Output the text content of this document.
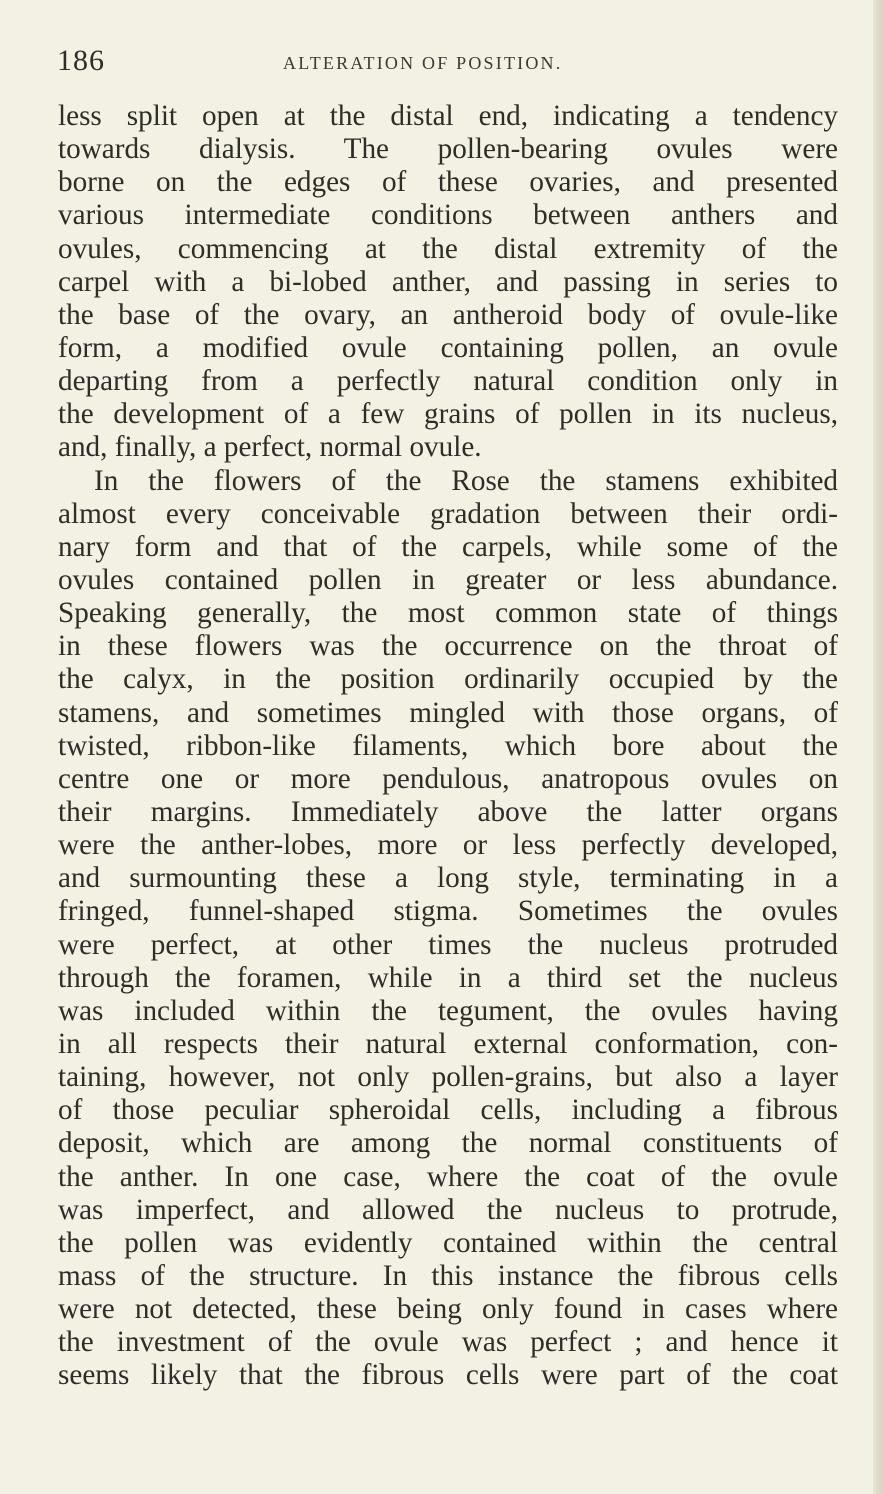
186	ALTERATION OF POSITION.
less split open at the distal end, indicating a tendency
towards dialysis. The pollen-bearing ovules were
borne on the edges of these ovaries, and presented
various intermediate conditions between anthers and
ovules, commencing at the distal extremity of the
carpel with a bi-lobed anther, and passing in series to
the base of the ovary, an antheroid body of ovule-like
form, a modified ovule containing pollen, an ovule
departing from a perfectly natural condition only in
the development of a few grains of pollen in its nucleus,
and, finally, a perfect, normal ovule.
In the flowers of the Rose the stamens exhibited
almost every conceivable gradation between their ordi-
nary form and that of the carpels, while some of the
ovules contained pollen in greater or less abundance.
Speaking generally, the most common state of things
in these flowers was the occurrence on the throat of
the calyx, in the position ordinarily occupied by the
stamens, and sometimes mingled with those organs, of
twisted, ribbon-like filaments, which bore about the
centre one or more pendulous, anatropous ovules on
their margins. Immediately above the latter organs
were the anther-lobes, more or less perfectly developed,
and surmounting these a long style, terminating in a
fringed, funnel-shaped stigma. Sometimes the ovules
were perfect, at other times the nucleus protruded
through the foramen, while in a third set the nucleus
was included within the tegument, the ovules having
in all respects their natural external conformation, con-
taining, however, not only pollen-grains, but also a layer
of those peculiar spheroidal cells, including a fibrous
deposit, which are among the normal constituents of
the anther. In one case, where the coat of the ovule
was imperfect, and allowed the nucleus to protrude,
the pollen was evidently contained within the central
mass of the structure. In this instance the fibrous cells
were not detected, these being only found in cases where
the investment of the ovule was perfect ; and hence it
seems likely that the fibrous cells were part of the coat
